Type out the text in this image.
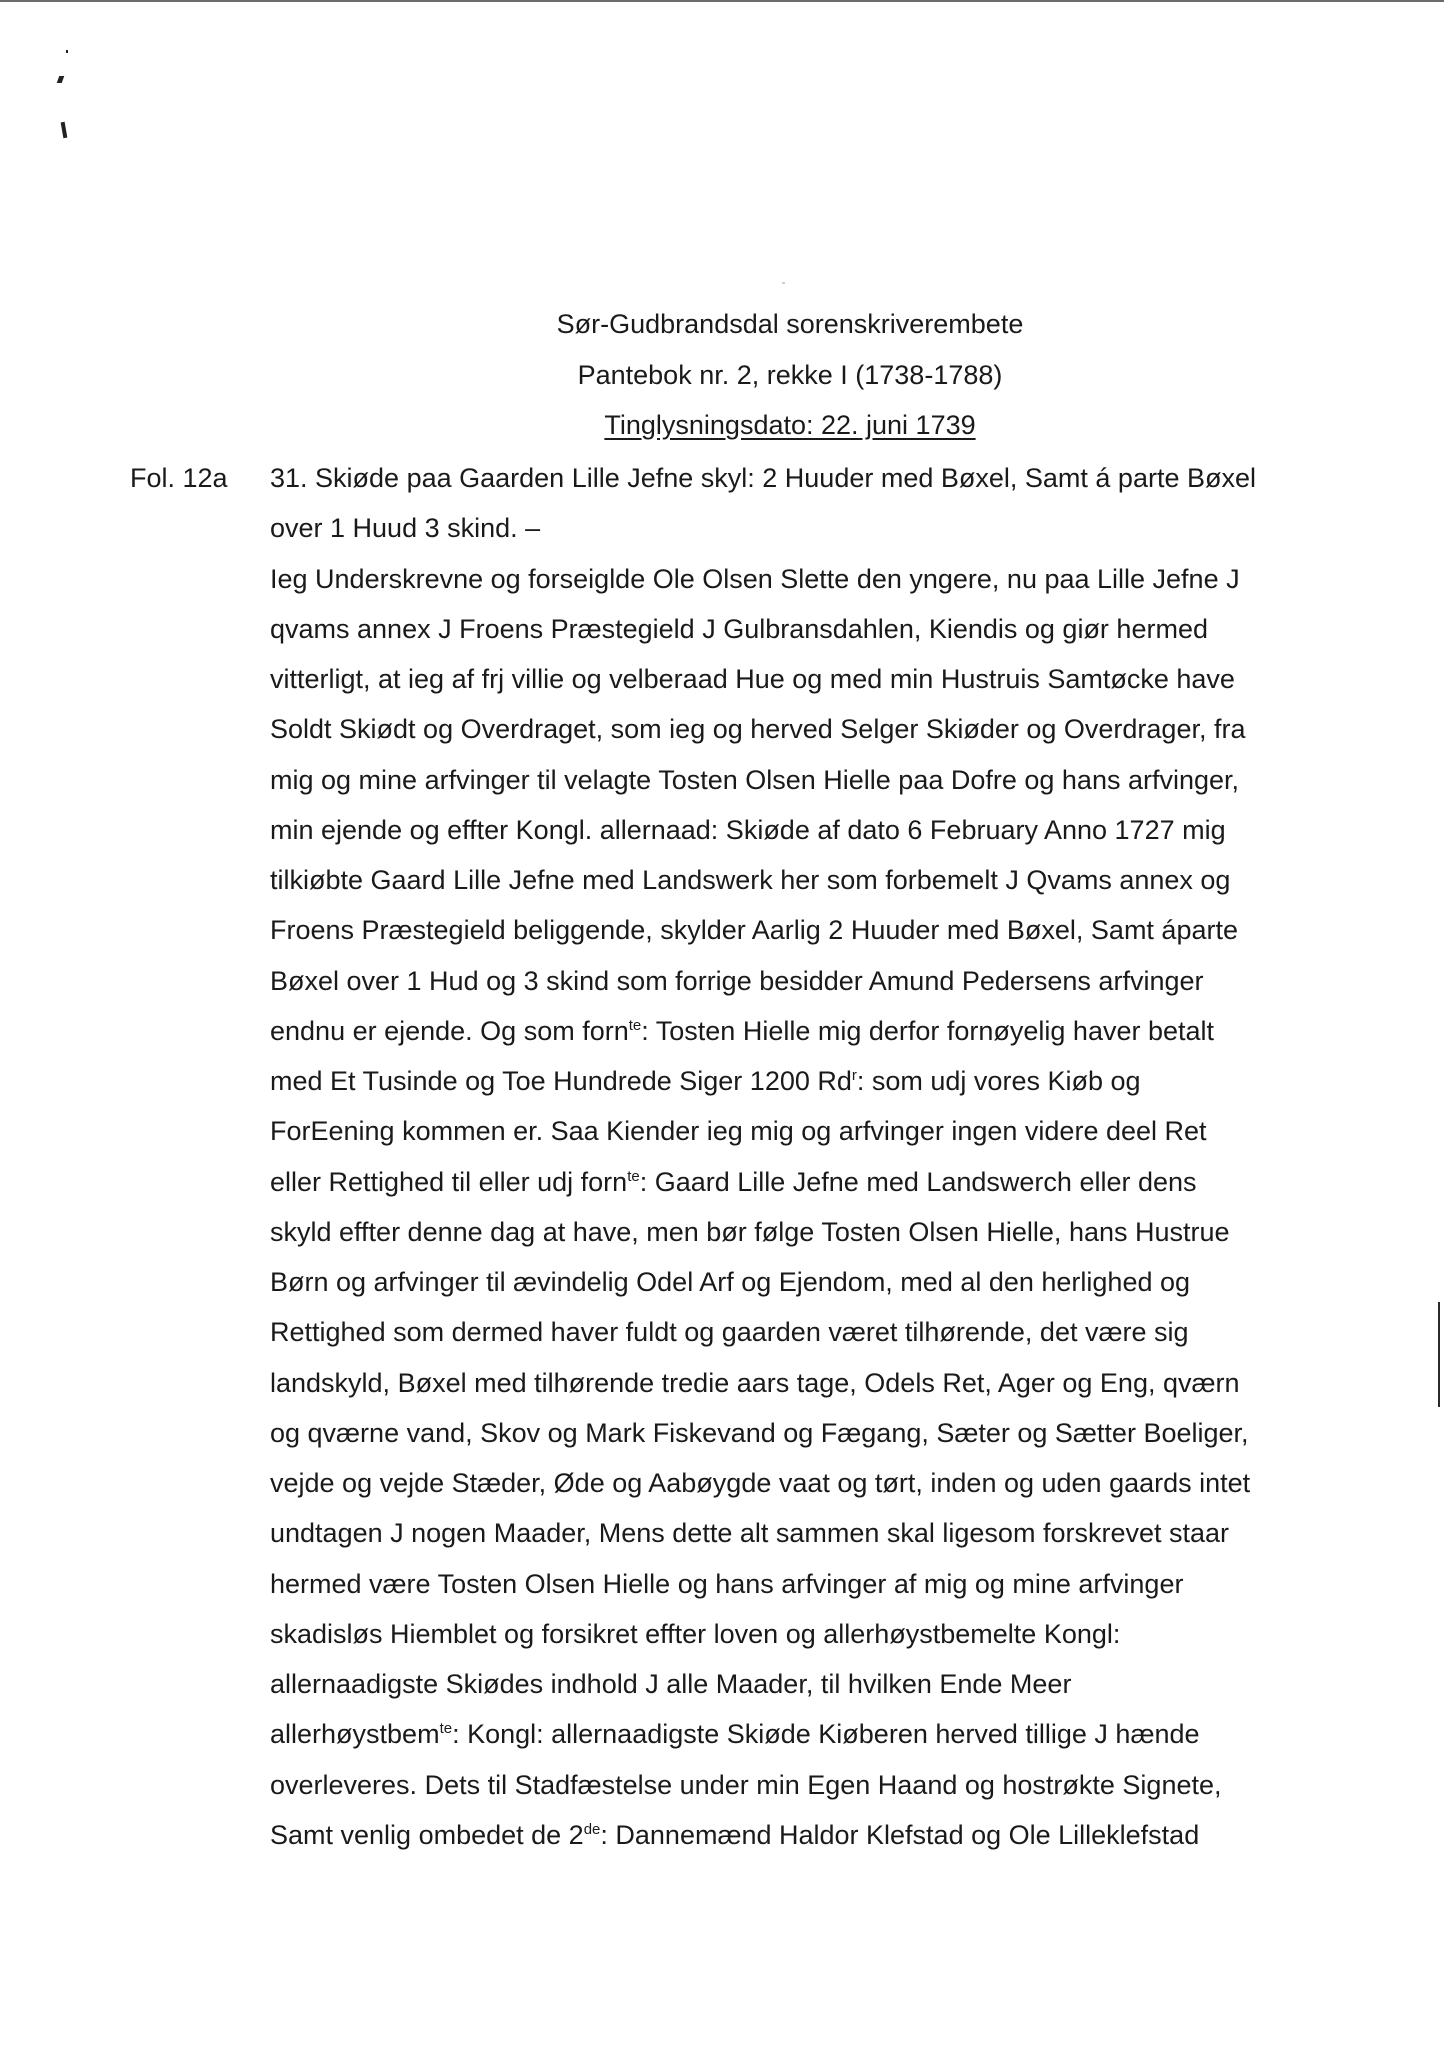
Sør-Gudbrandsdal sorenskriverembete
Pantebok nr. 2, rekke I (1738-1788)
Tinglysningsdato: 22. juni 1739
Fol. 12a 31. Skiøde paa Gaarden Lille Jefne skyl: 2 Huuder med Bøxel, Samt á parte Bøxel
over 1 Huud 3 skind. –
Ieg Underskrevne og forseiglde Ole Olsen Slette den yngere, nu paa Lille Jefne J
qvams annex J Froens Præstegield J Gulbransdahlen, Kiendis og giør hermed
vitterligt, at ieg af frj villie og velberaad Hue og med min Hustruis Samtøcke have
Soldt Skiødt og Overdraget, som ieg og herved Selger Skiøder og Overdrager, fra
mig og mine arfvinger til velagte Tosten Olsen Hielle paa Dofre og hans arfvinger,
min ejende og effter Kongl. allernaad: Skiøde af dato 6 February Anno 1727 mig
tilkiøbte Gaard Lille Jefne med Landswerk her som forbemelt J Qvams annex og
Froens Præstegield beliggende, skylder Aarlig 2 Huuder med Bøxel, Samt áparte
Bøxel over 1 Hud og 3 skind som forrige besidder Amund Pedersens arfvinger
endnu er ejende. Og som forn$^{te}$: Tosten Hielle mig derfor fornøyelig haver betalt
med Et Tusinde og Toe Hundrede Siger 1200 Rd$^r$: som udj vores Kiøb og
ForEening kommen er. Saa Kiender ieg mig og arfvinger ingen videre deel Ret
eller Rettighed til eller udj forn$^{te}$: Gaard Lille Jefne med Landswerch eller dens
skyld effter denne dag at have, men bør følge Tosten Olsen Hielle, hans Hustrue
Børn og arfvinger til ævindelig Odel Arf og Ejendom, med al den herlighed og
Rettighed som dermed haver fuldt og gaarden været tilhørende, det være sig
landskyld, Bøxel med tilhørende tredie aars tage, Odels Ret, Ager og Eng, qværn
og qværne vand, Skov og Mark Fiskevand og Fægang, Sæter og Sætter Boeliger,
vejde og vejde Stæder, Øde og Aabøygde vaat og tørt, inden og uden gaards intet
undtagen J nogen Maader, Mens dette alt sammen skal ligesom forskrevet staar
hermed være Tosten Olsen Hielle og hans arfvinger af mig og mine arfvinger
skadisløs Hiemblet og forsikret effter loven og allerhøystbemelte Kongl:
allernaadigste Skiødes indhold J alle Maader, til hvilken Ende Meer
allerhøystbem$^{te}$: Kongl: allernaadigste Skiøde Kiøberen herved tillige J hænde
overleveres. Dets til Stadfæstelse under min Egen Haand og hostrøkte Signete,
Samt venlig ombedet de 2de: Dannemænd Haldor Klefstad og Ole Lilleklefstad
